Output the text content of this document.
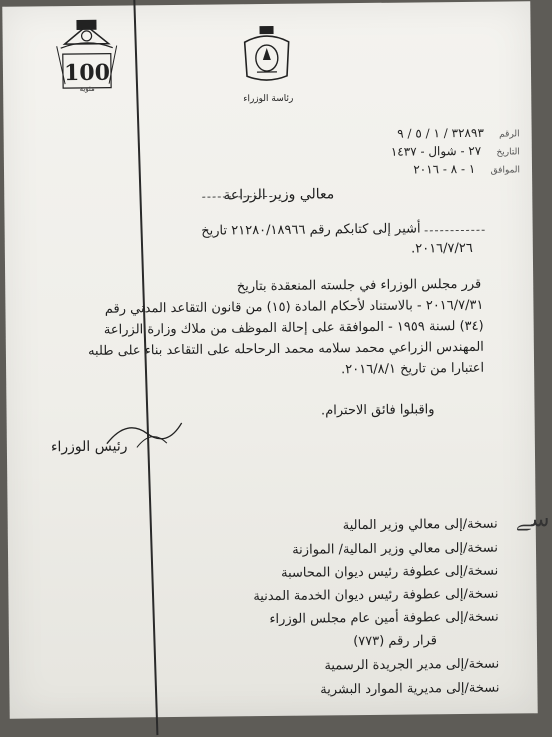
100
مئوية
رئاسة الوزراء
الرقم   ٣٢٨٩٣ / ١ / ٥ / ٩
التاريخ   ٢٧ - شوال - ١٤٣٧
الموافق   ١ - ٨ - ٢٠١٦
معالي وزير الزراعة
أشير إلى كتابكم رقم ٢١٢٨٠/١٨٩٦٦ تاريخ
٢٠١٦/٧/٢٦.
قرر مجلس الوزراء في جلسته المنعقدة بتاريخ
٢٠١٦/٧/٣١ - بالاستناد لأحكام المادة (١٥) من قانون التقاعد المدني رقم
(٣٤) لسنة ١٩٥٩ - الموافقة على إحالة الموظف من ملاك وزارة الزراعة
المهندس الزراعي محمد سلامه محمد الرحاحله على التقاعد بناء على طلبه
اعتبارا من تاريخ ٢٠١٦/٨/١.
واقبلوا فائق الاحترام.
رئيس الوزراء
ﺳﮯ
نسخة/إلى معالي وزير المالية
نسخة/إلى معالي وزير المالية/ الموازنة
نسخة/إلى عطوفة رئيس ديوان المحاسبة
نسخة/إلى عطوفة رئيس ديوان الخدمة المدنية
نسخة/إلى عطوفة أمين عام مجلس الوزراء
قرار رقم (٧٧٣)
نسخة/إلى مدير الجريدة الرسمية
نسخة/إلى مديرية الموارد البشرية
